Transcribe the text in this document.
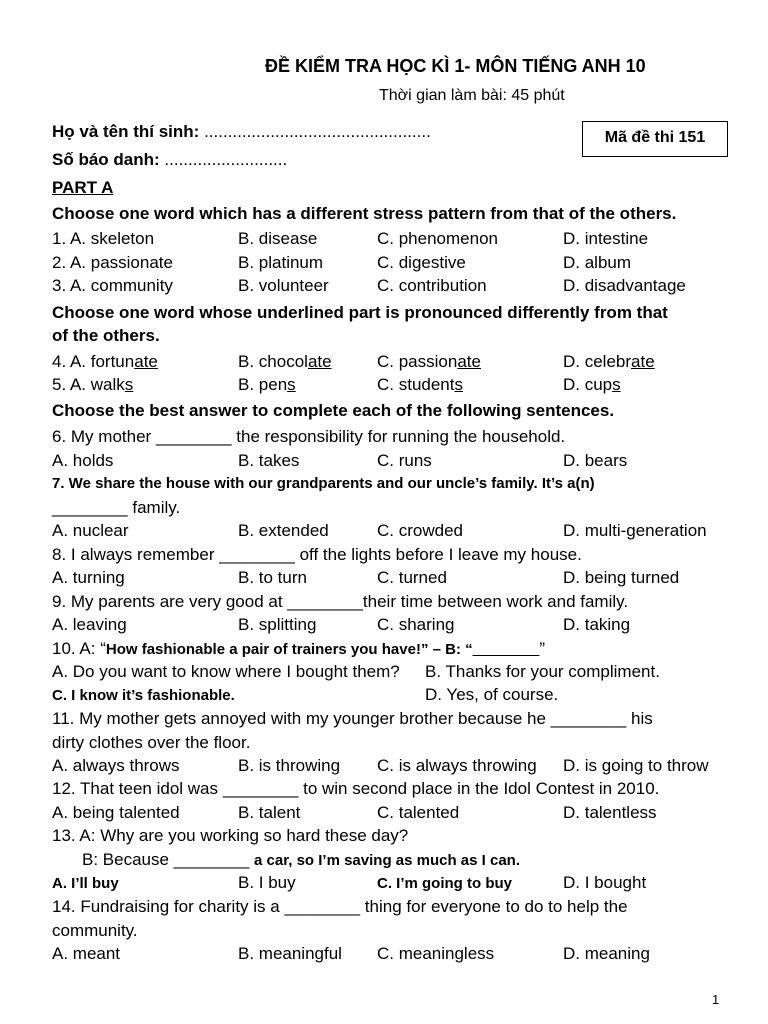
ĐỀ KIỂM TRA HỌC KÌ 1- MÔN TIẾNG ANH 10
Thời gian làm bài: 45 phút
Họ và tên thí sinh: ................................................	Mã đề thi 151
Số báo danh: ..........................
PART A
Choose one word which has a different stress pattern from that of the others.
1. A. skeleton	B. disease	C. phenomenon	D. intestine
2. A. passionate	B. platinum	C. digestive	D. album
3. A. community	B. volunteer	C. contribution	D. disadvantage
Choose one word whose underlined part is pronounced differently from that
of the others.
4. A. fortunate	B. chocolate	C. passionate	D. celebrate
5. A. walks	B. pens	C. students	D. cups
Choose the best answer to complete each of the following sentences.
6. My mother ________ the responsibility for running the household.
A. holds	B. takes	C. runs	D. bears
7. We share the house with our grandparents and our uncle’s family. It’s a(n)
________ family.
A. nuclear	B. extended	C. crowded	D. multi-generation
8. I always remember ________ off the lights before I leave my house.
A. turning	B. to turn	C. turned	D. being turned
9. My parents are very good at ________their time between work and family.
A. leaving	B. splitting	C. sharing	D. taking
10. A: “How fashionable a pair of trainers you have!” – B: “________”
A. Do you want to know where I bought them? B. Thanks for your compliment.
C. I know it’s fashionable.	D. Yes, of course.
11. My mother gets annoyed with my younger brother because he ________ his
dirty clothes over the floor.
A. always throws	B. is throwing C. is always throwing D. is going to throw
12. That teen idol was ________ to win second place in the Idol Contest in 2010.
A. being talented	B. talent	C. talented	D. talentless
13. A: Why are you working so hard these day?
B: Because ________ a car, so I’m saving as much as I can.
A. I’ll buy	B. I buy	C. I’m going to buy	D. I bought
14. Fundraising for charity is a ________ thing for everyone to do to help the
community.
A. meant	B. meaningful C. meaningless	D. meaning
1
